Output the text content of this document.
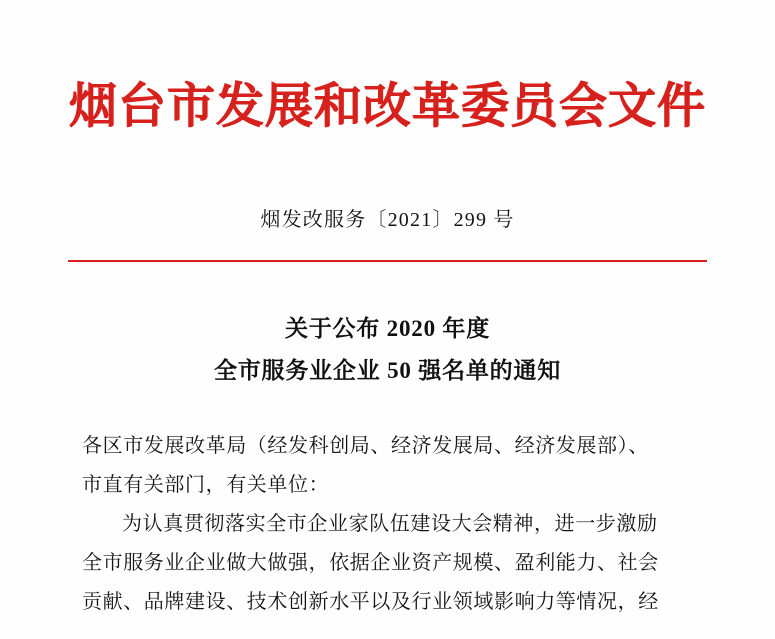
烟台市发展和改革委员会文件
烟发改服务〔2021〕299 号
关于公布 2020 年度
全市服务业企业 50 强名单的通知
各区市发展改革局（经发科创局、经济发展局、经济发展部）、
市直有关部门，有关单位：
为认真贯彻落实全市企业家队伍建设大会精神，进一步激励
全市服务业企业做大做强，依据企业资产规模、盈利能力、社会
贡献、品牌建设、技术创新水平以及行业领域影响力等情况，经
